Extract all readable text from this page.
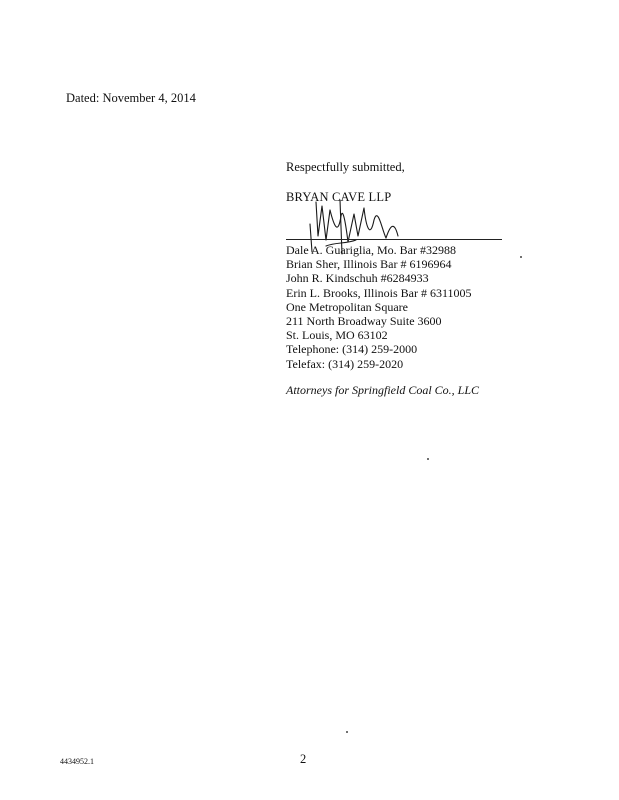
Dated: November 4, 2014
Respectfully submitted,
BRYAN CAVE LLP
Dale A. Guariglia, Mo. Bar #32988
Brian Sher, Illinois Bar # 6196964
John R. Kindschuh #6284933
Erin L. Brooks, Illinois Bar # 6311005
One Metropolitan Square
211 North Broadway Suite 3600
St. Louis, MO 63102
Telephone: (314) 259-2000
Telefax: (314) 259-2020
Attorneys for Springfield Coal Co., LLC
4434952.1	2
